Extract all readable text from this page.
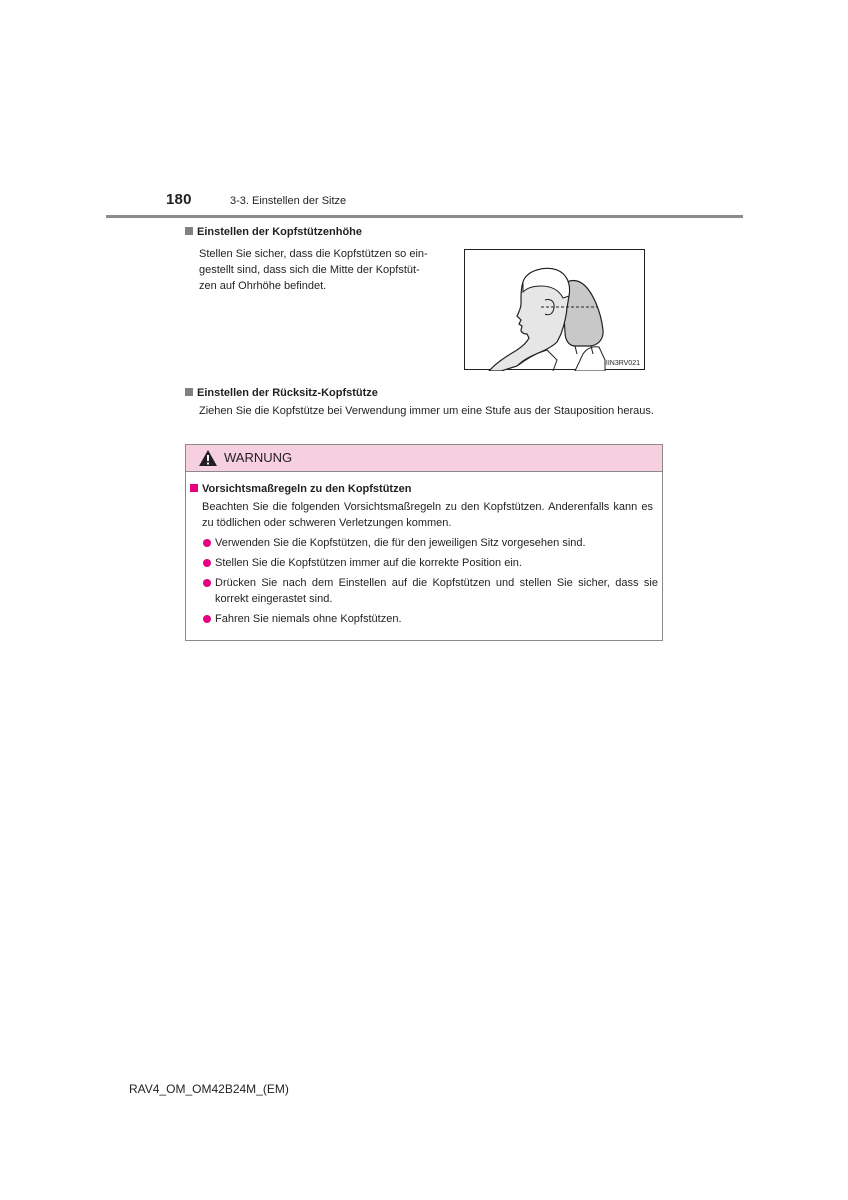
180	3-3. Einstellen der Sitze
Einstellen der Kopfstützenhöhe
Stellen Sie sicher, dass die Kopfstützen so ein-
gestellt sind, dass sich die Mitte der Kopfstüt-
zen auf Ohrhöhe befindet.
IIN3RV021
Einstellen der Rücksitz-Kopfstütze
Ziehen Sie die Kopfstütze bei Verwendung immer um eine Stufe aus der Stauposition heraus.
WARNUNG
Vorsichtsmaßregeln zu den Kopfstützen
Beachten Sie die folgenden Vorsichtsmaßregeln zu den Kopfstützen. Anderenfalls kann es zu tödlichen oder schweren Verletzungen kommen.
Verwenden Sie die Kopfstützen, die für den jeweiligen Sitz vorgesehen sind.
Stellen Sie die Kopfstützen immer auf die korrekte Position ein.
Drücken Sie nach dem Einstellen auf die Kopfstützen und stellen Sie sicher, dass sie korrekt eingerastet sind.
Fahren Sie niemals ohne Kopfstützen.
RAV4_OM_OM42B24M_(EM)
